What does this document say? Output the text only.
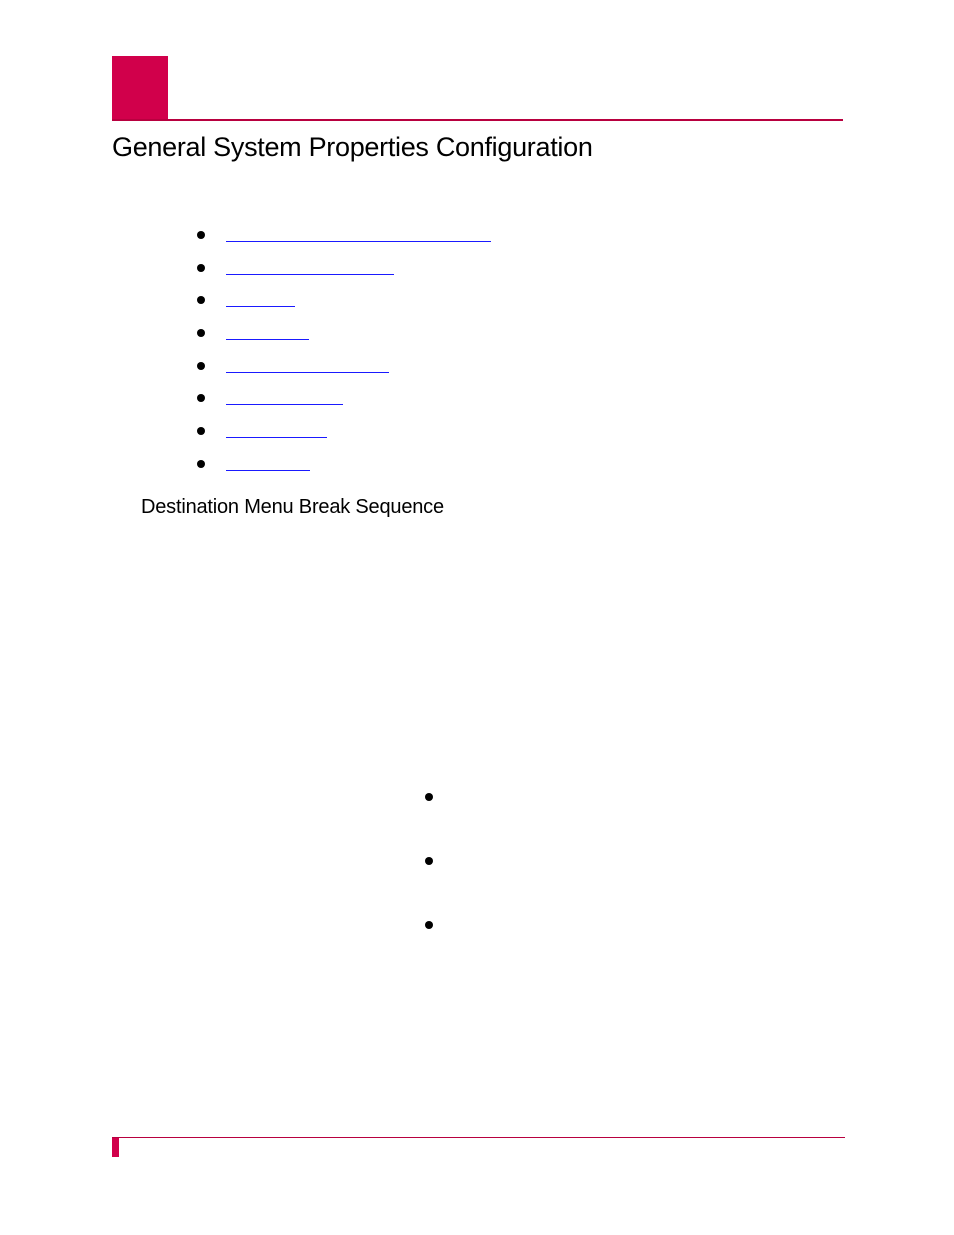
General System Properties Configuration
Destination Menu Break Sequence
